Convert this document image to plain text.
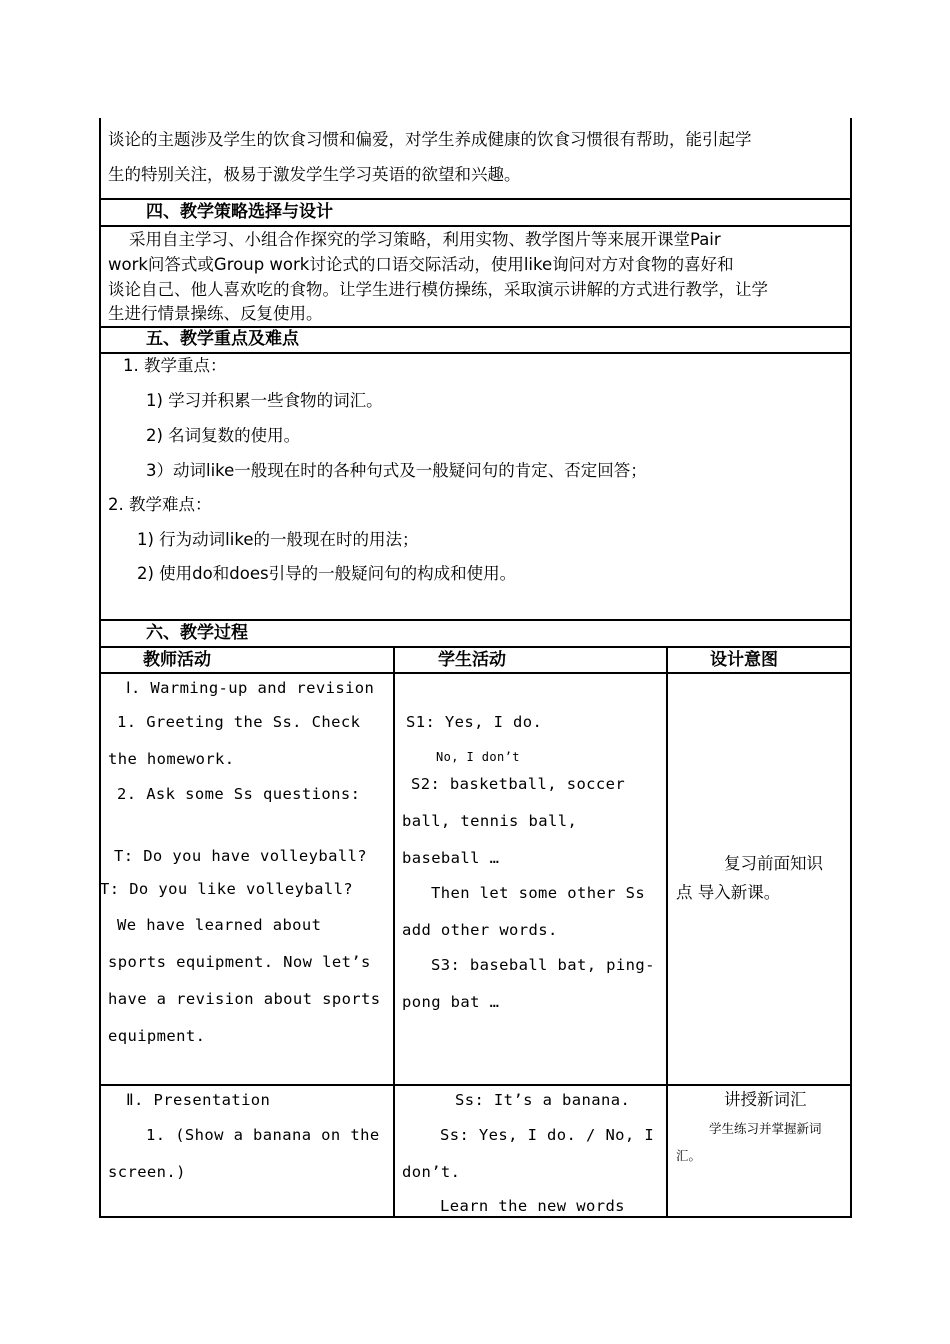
谈论的主题涉及学生的饮食习惯和偏爱，对学生养成健康的饮食习惯很有帮助，能引起学
生的特别关注，极易于激发学生学习英语的欲望和兴趣。
四、教学策略选择与设计
采用自主学习、小组合作探究的学习策略，利用实物、教学图片等来展开课堂Pair
work问答式或Group work讨论式的口语交际活动，使用like询问对方对食物的喜好和
谈论自己、他人喜欢吃的食物。让学生进行模仿操练，采取演示讲解的方式进行教学，让学
生进行情景操练、反复使用。
五、教学重点及难点
1. 教学重点：
1) 学习并积累一些食物的词汇。
2) 名词复数的使用。
3）动词like一般现在时的各种句式及一般疑问句的肯定、否定回答；
2. 教学难点：
1) 行为动词like的一般现在时的用法；
2) 使用do和does引导的一般疑问句的构成和使用。
六、教学过程
教师活动	学生活动	设计意图
Ⅰ. Warming-up and revision
1. Greeting the Ss. Check
the homework.
2. Ask some Ss questions:
T: Do you have volleyball?
T: Do you like volleyball?
We have learned about
sports equipment. Now let’s
have a revision about sports
equipment.
S1: Yes, I do.
No, I don’t
S2: basketball, soccer
ball, tennis ball,
baseball …
Then let some other Ss
add other words.
S3: baseball bat, ping-
pong bat …
复习前面知识
点 导入新课。
Ⅱ. Presentation
1. (Show a banana on the
screen.)
Ss: It’s a banana.
Ss: Yes, I do. / No, I
don’t.
Learn the new words
讲授新词汇
学生练习并掌握新词
汇。
